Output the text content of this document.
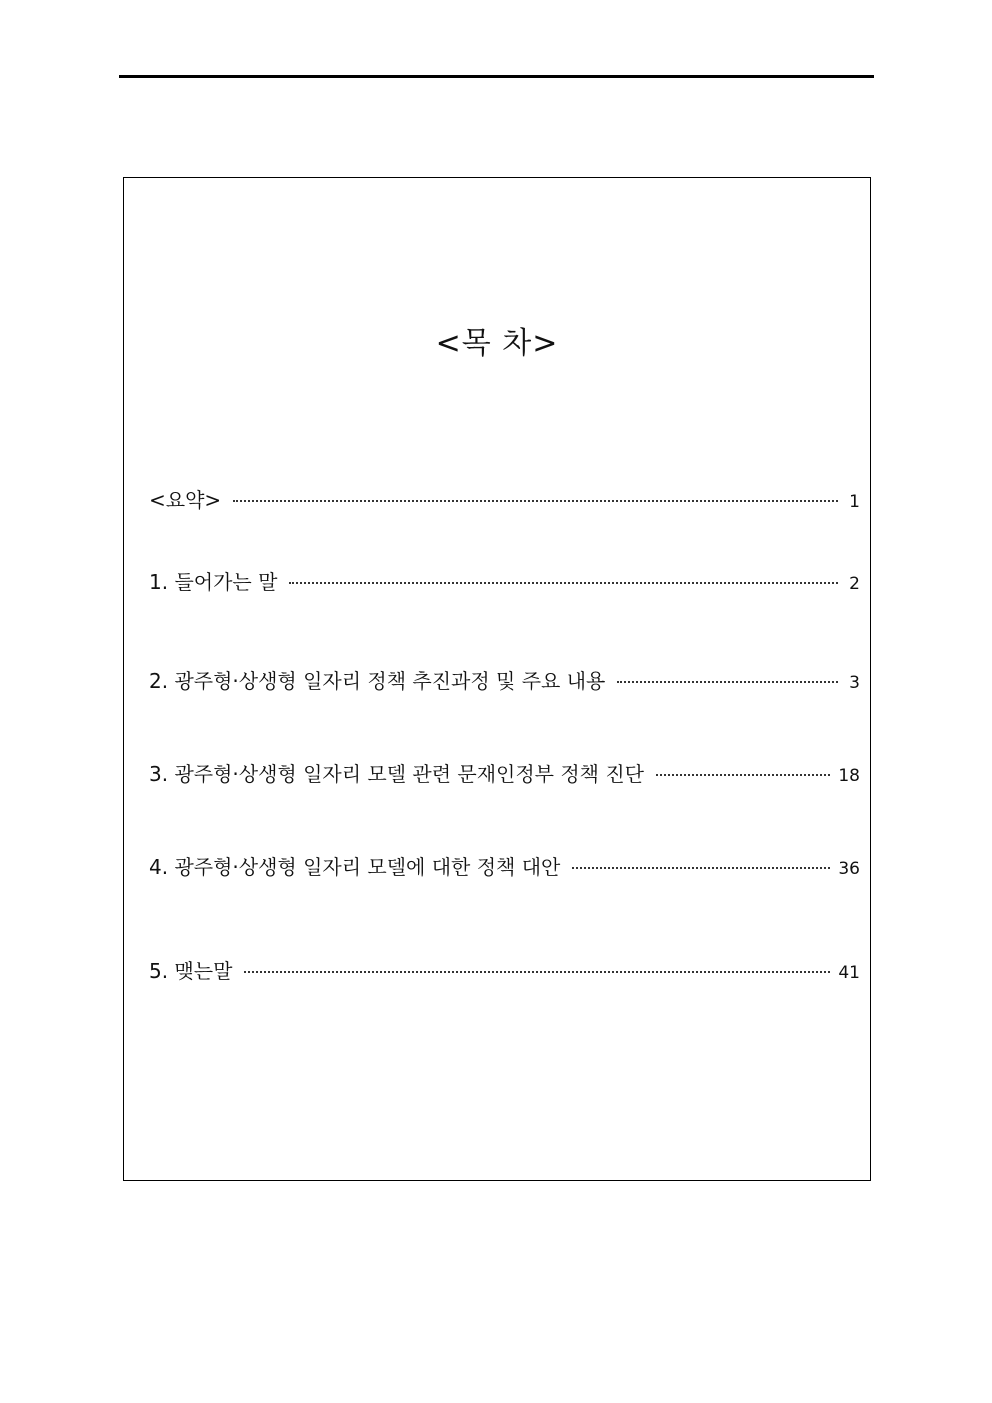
<목 차>
<요약>	1
1. 들어가는 말	2
2. 광주형·상생형 일자리 정책 추진과정 및 주요 내용	3
3. 광주형·상생형 일자리 모델 관련 문재인정부 정책 진단	18
4. 광주형·상생형 일자리 모델에 대한 정책 대안	36
5. 맺는말	41
